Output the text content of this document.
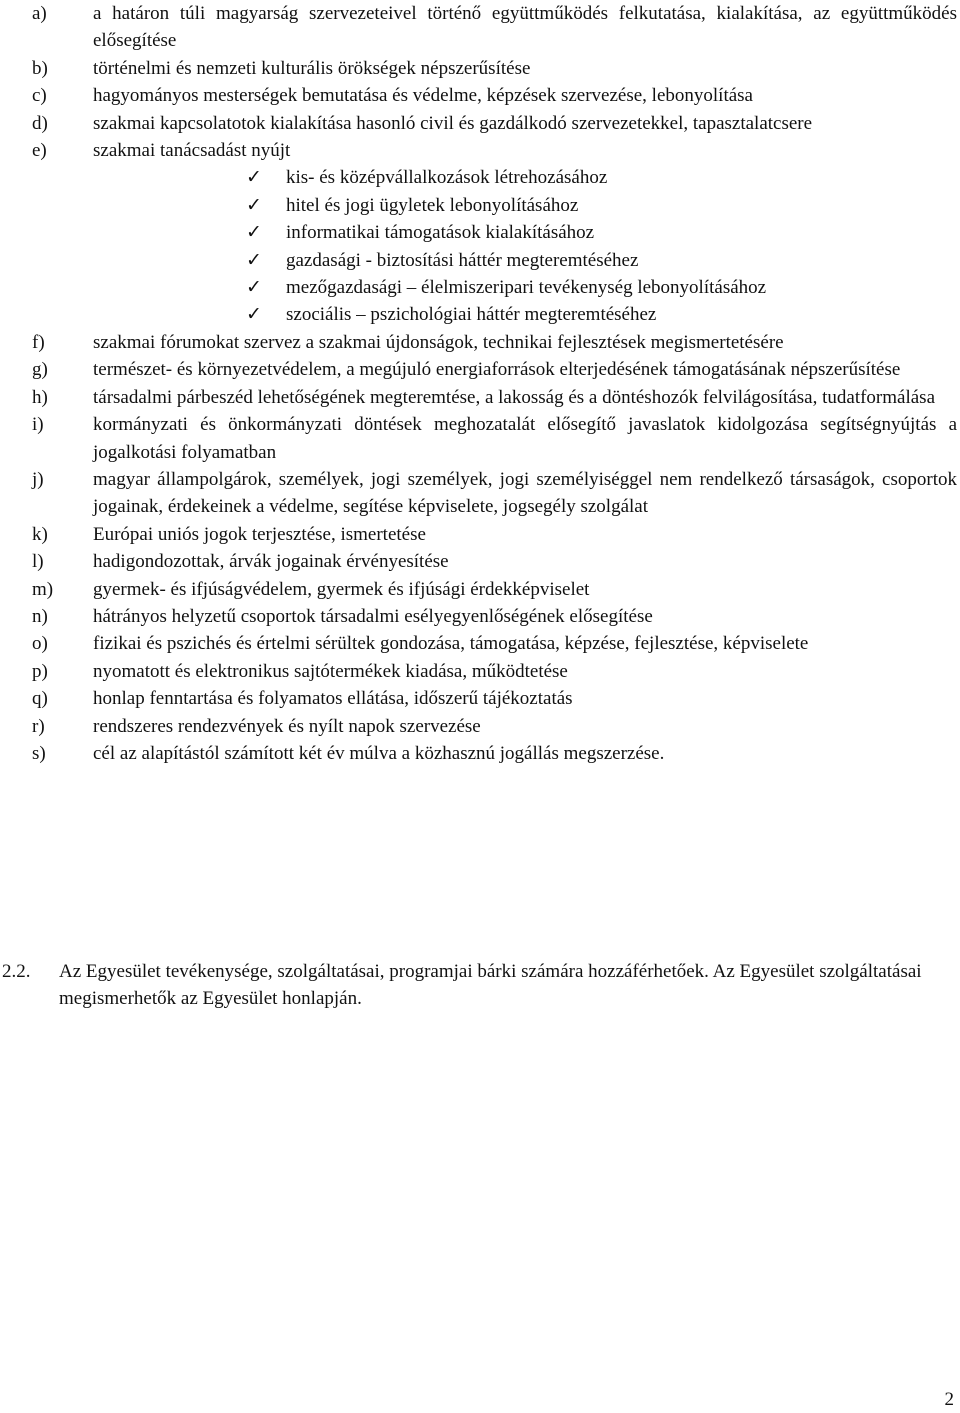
a) a határon túli magyarság szervezeteivel történő együttműködés felkutatása, kialakítása, az együttműködés elősegítése
b) történelmi és nemzeti kulturális örökségek népszerűsítése
c) hagyományos mesterségek bemutatása és védelme, képzések szervezése, lebonyolítása
d) szakmai kapcsolatotok kialakítása hasonló civil és gazdálkodó szervezetekkel, tapasztalatcsere
e) szakmai tanácsadást nyújt
✓ kis- és középvállalkozások létrehozásához
✓ hitel és jogi ügyletek lebonyolításához
✓ informatikai támogatások kialakításához
✓ gazdasági - biztosítási háttér megteremtéséhez
✓ mezőgazdasági – élelmiszeripari tevékenység lebonyolításához
✓ szociális – pszichológiai háttér megteremtéséhez
f)	szakmai fórumokat szervez a szakmai újdonságok, technikai fejlesztések megismertetésére
g) természet- és környezetvédelem, a megújuló energiaforrások elterjedésének támogatásának népszerűsítése
h) társadalmi párbeszéd lehetőségének megteremtése, a lakosság és a döntéshozók felvilágosítása, tudatformálása
i)	kormányzati és önkormányzati döntések meghozatalát elősegítő javaslatok kidolgozása segítségnyújtás a jogalkotási folyamatban
j)	magyar állampolgárok, személyek, jogi személyek, jogi személyiséggel nem rendelkező társaságok, csoportok jogainak, érdekeinek a védelme, segítése képviselete, jogsegély szolgálat
k) Európai uniós jogok terjesztése, ismertetése
l)	hadigondozottak, árvák jogainak érvényesítése
m) gyermek- és ifjúságvédelem, gyermek és ifjúsági érdekképviselet
n) hátrányos helyzetű csoportok társadalmi esélyegyenlőségének elősegítése
o) fizikai és pszichés és értelmi sérültek gondozása, támogatása, képzése, fejlesztése, képviselete
p) nyomatott és elektronikus sajtótermékek kiadása, működtetése
q) honlap fenntartása és folyamatos ellátása, időszerű tájékoztatás
r)	rendszeres rendezvények és nyílt napok szervezése
s) cél az alapítástól számított két év múlva a közhasznú jogállás megszerzése.
2.2. Az Egyesület tevékenysége, szolgáltatásai, programjai bárki számára hozzáférhetőek. Az Egyesület szolgáltatásai megismerhetők az Egyesület honlapján.
2
